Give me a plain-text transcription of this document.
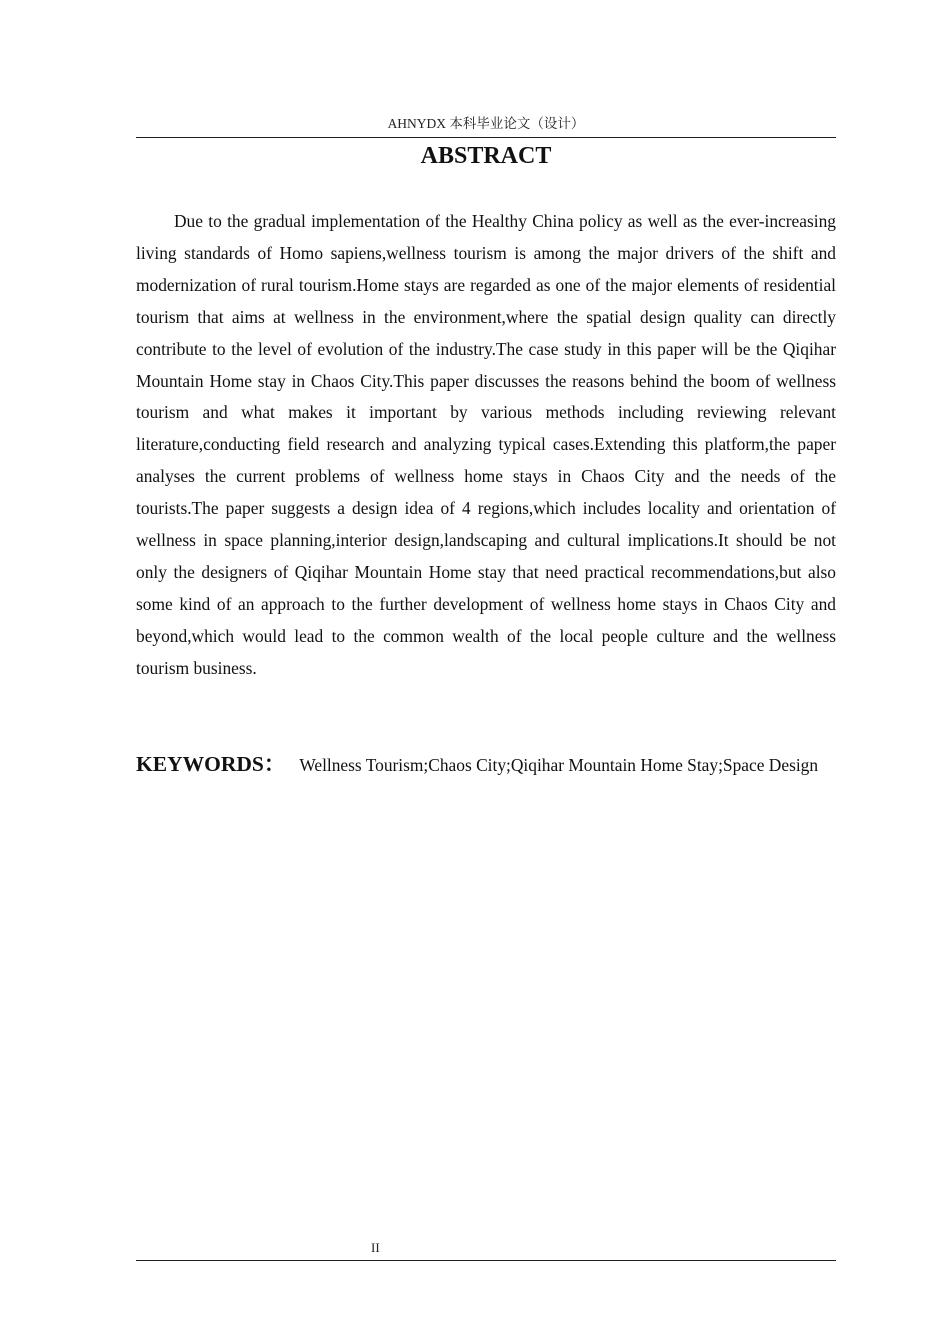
AHNYDX 本科毕业论文（设计）
ABSTRACT

Due to the gradual implementation of the Healthy China policy as well as the ever-increasing living standards of Homo sapiens,wellness tourism is among the major drivers of the shift and modernization of rural tourism.Home stays are regarded as one of the major elements of residential tourism that aims at wellness in the environment,where the spatial design quality can directly contribute to the level of evolution of the industry.The case study in this paper will be the Qiqihar Mountain Home stay in Chaos City.This paper discusses the reasons behind the boom of wellness tourism and what makes it important by various methods including reviewing relevant literature,conducting field research and analyzing typical cases.Extending this platform,the paper analyses the current problems of wellness home stays in Chaos City and the needs of the tourists.The paper suggests a design idea of 4 regions,which includes locality and orientation of wellness in space planning,interior design,landscaping and cultural implications.It should be not only the designers of Qiqihar Mountain Home stay that need practical recommendations,but also some kind of an approach to the further development of wellness home stays in Chaos City and beyond,which would lead to the common wealth of the local people culture and the wellness tourism business.

KEYWORDS： Wellness Tourism;Chaos City;Qiqihar Mountain Home Stay;Space Design

II
